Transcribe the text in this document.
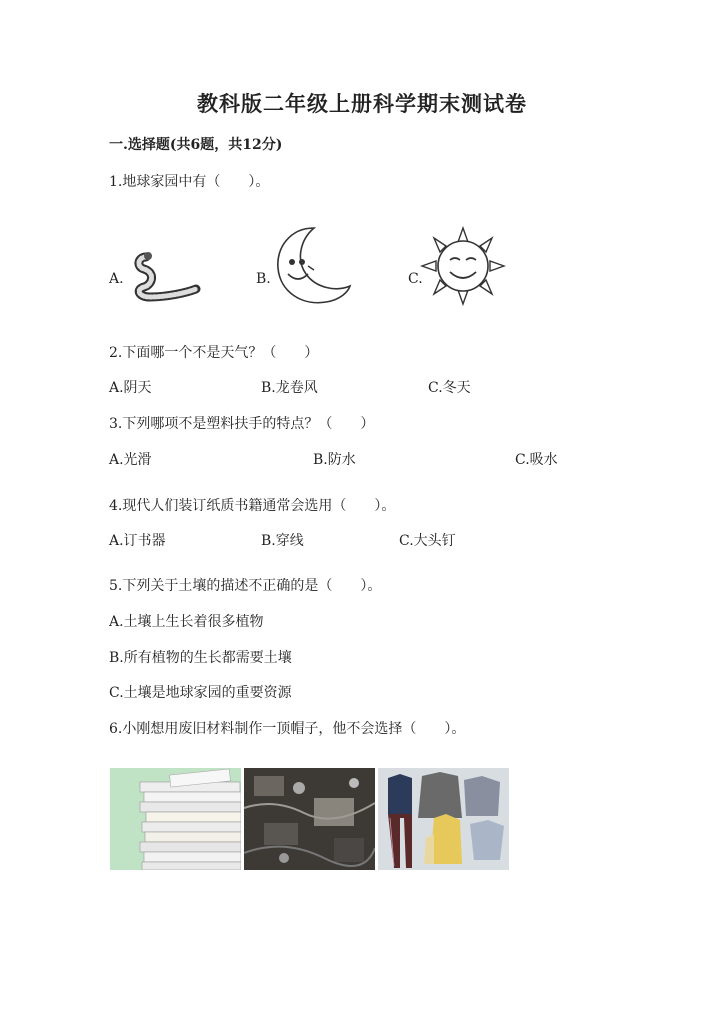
教科版二年级上册科学期末测试卷
一.选择题(共6题，共12分)
1.地球家园中有（　　）。
A.	B.	C.
2.下面哪一个不是天气？（　　）
A.阴天	B.龙卷风	C.冬天
3.下列哪项不是塑料扶手的特点？（　　）
A.光滑	B.防水	C.吸水
4.现代人们装订纸质书籍通常会选用（　　）。
A.订书器	B.穿线	C.大头钉
5.下列关于土壤的描述不正确的是（　　）。
A.土壤上生长着很多植物
B.所有植物的生长都需要土壤
C.土壤是地球家园的重要资源
6.小刚想用废旧材料制作一顶帽子，他不会选择（　　）。
